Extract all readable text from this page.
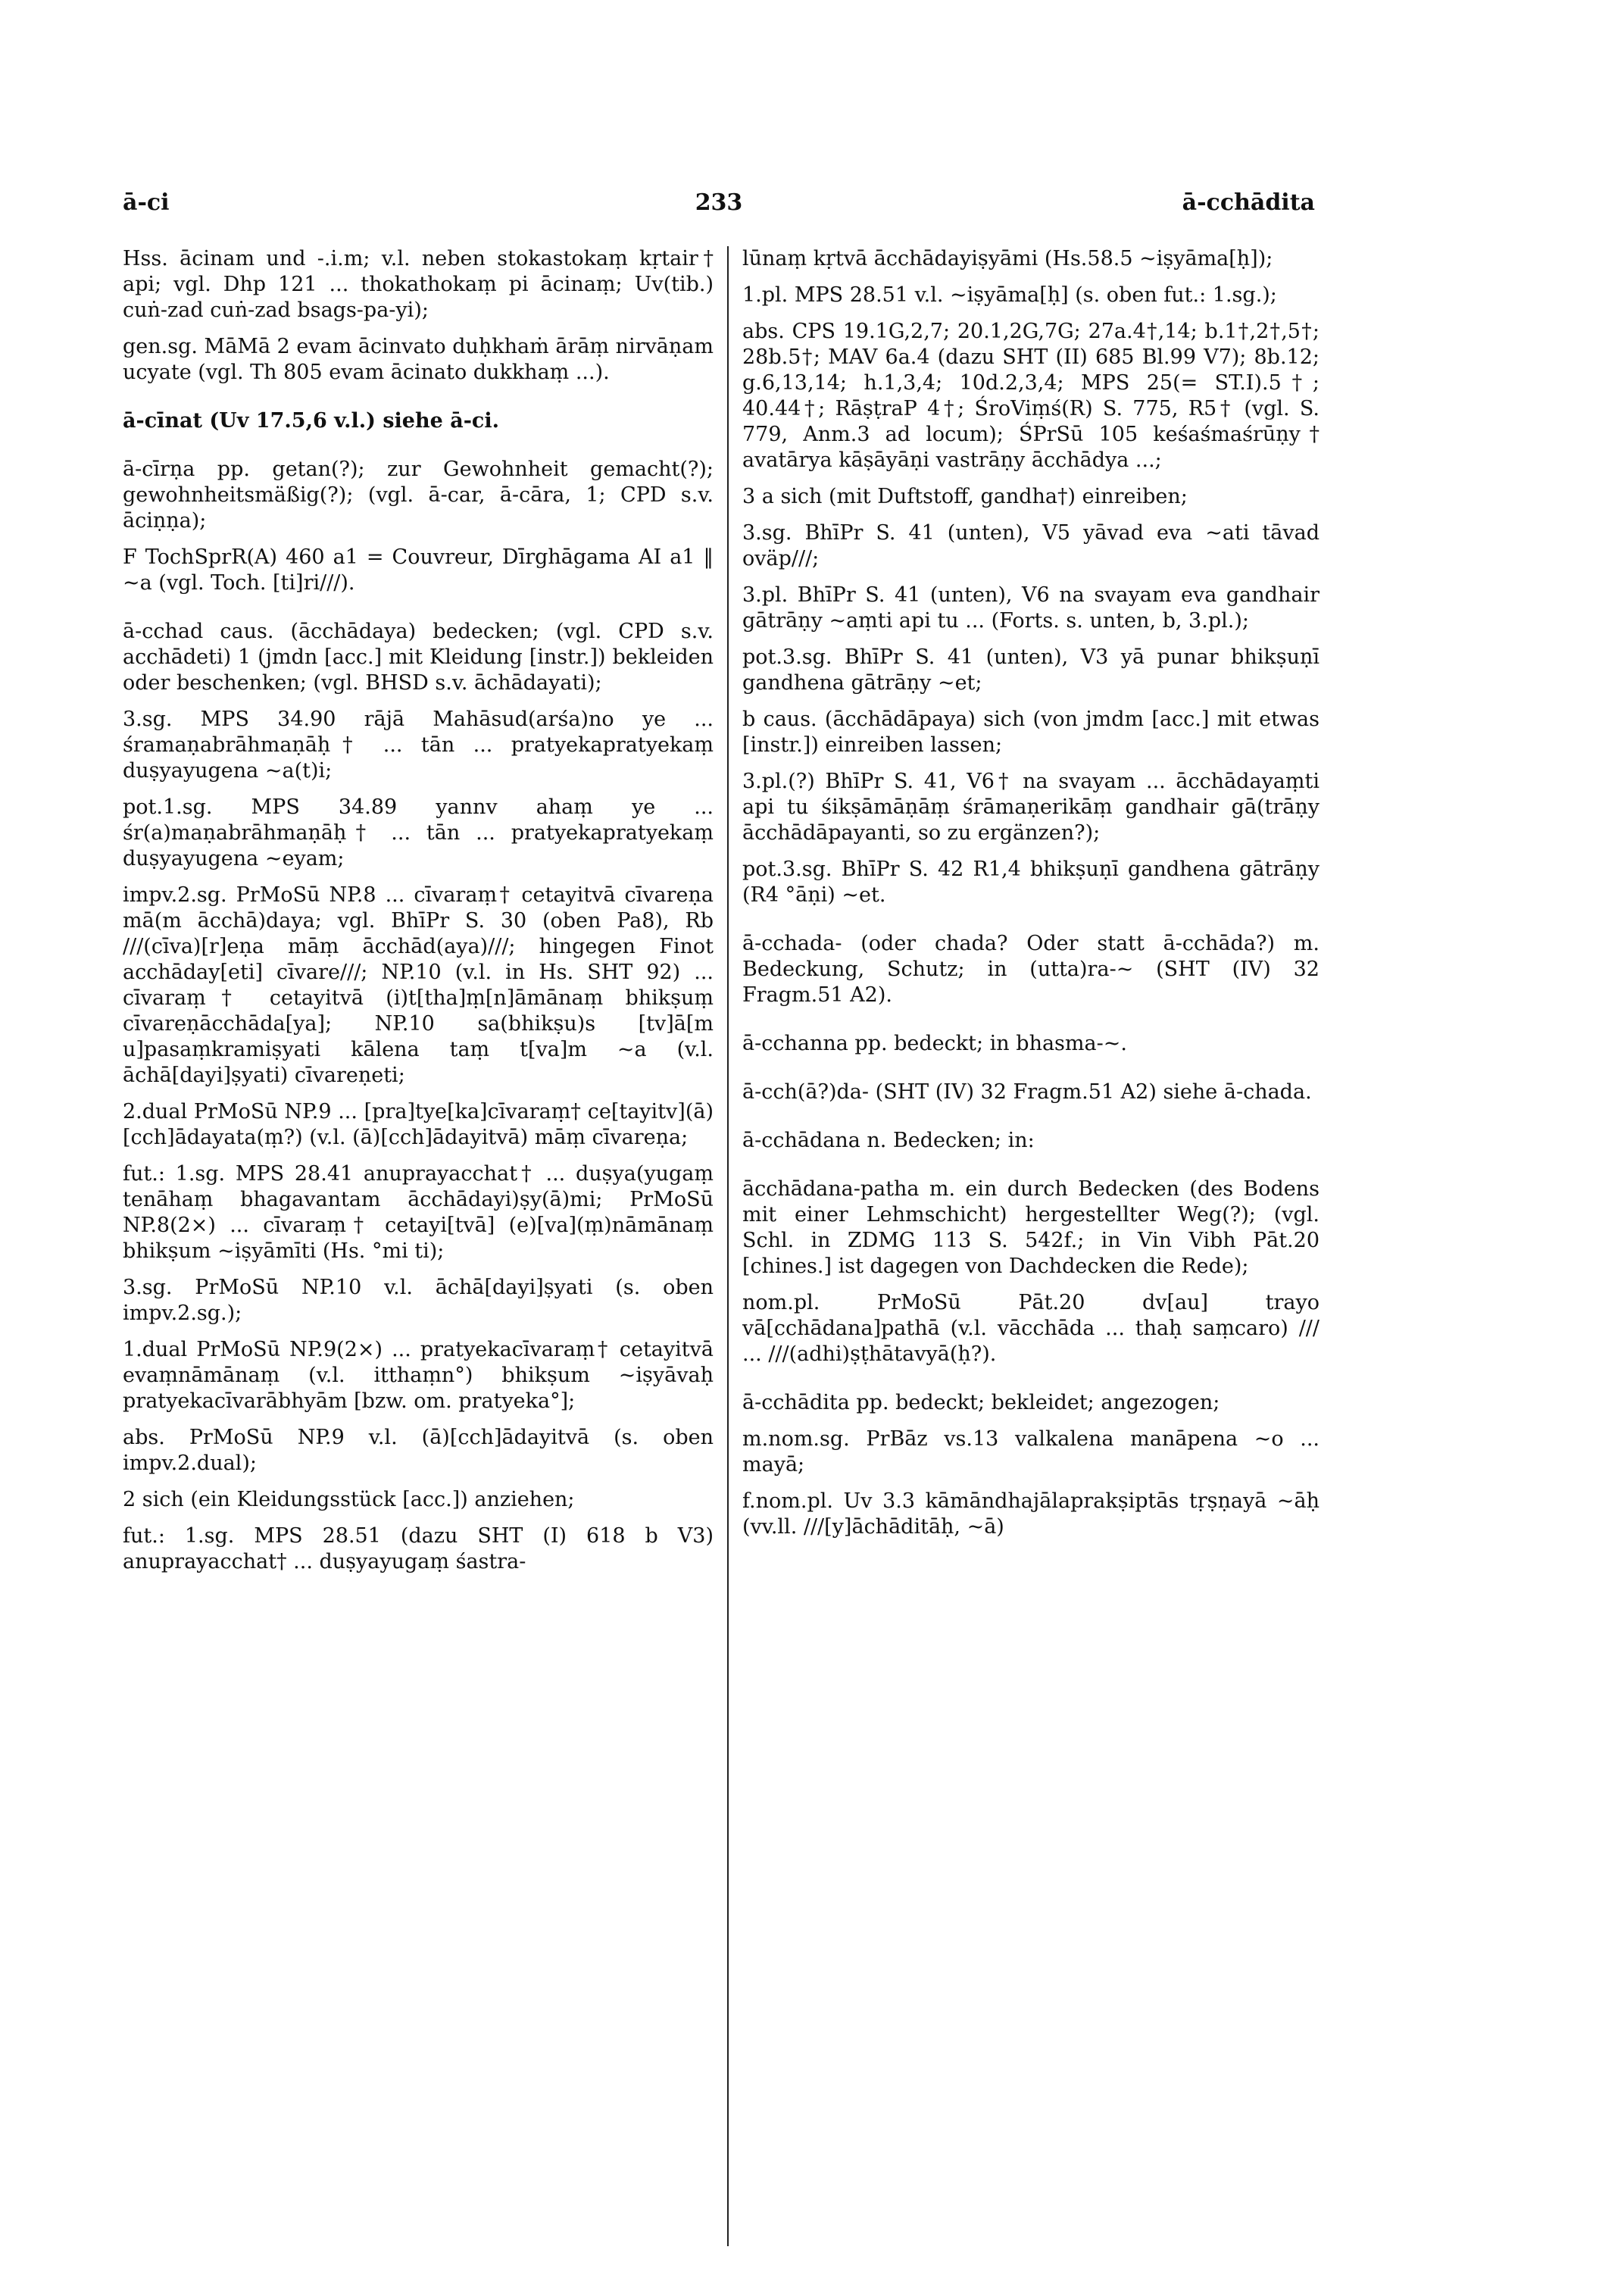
233
ā-ci	ā-cchādita

Hss. ācinam und -.i.m; v.l. neben stokastokaṃ kṛtair† api; vgl. Dhp 121 ... thokathokaṃ pi ācinaṃ; Uv(tib.) cuṅ-zad cuṅ-zad bsags-pa-yi);

gen.sg. MāMā 2 evam ācinvato duḥkhaṁ ārāṃ nirvāṇam ucyate (vgl. Th 805 evam ācinato dukkhaṃ ...).

ā-cīnat (Uv 17.5,6 v.l.) siehe ā-ci.

ā-cīrṇa pp. getan(?); zur Gewohnheit gemacht(?); gewohnheitsmäßig(?); (vgl. ā-car, ā-cāra, 1; CPD s.v. āciṇṇa);

F TochSprR(A) 460 a1 = Couvreur, Dīrghāgama AI a1 ‖ ~a (vgl. Toch. [ti]ri///).

ā-cchad caus. (ācchādaya) bedecken; (vgl. CPD s.v. acchādeti) 1 (jmdn [acc.] mit Kleidung [instr.]) bekleiden oder beschenken; (vgl. BHSD s.v. āchādayati);

3.sg. MPS 34.90 rājā Mahāsud(arśa)no ye ... śramaṇabrāhmaṇāḥ† ... tān ... pratyekapratyekaṃ duṣyayugena ~a(t)i;

pot.1.sg. MPS 34.89 yannv ahaṃ ye ... śr(a)maṇabrāhmaṇāḥ† ... tān ... pratyekapratyekaṃ duṣyayugena ~eyam;

impv.2.sg. PrMoSū NP.8 ... cīvaraṃ† cetayitvā cīvareṇa mā(m ācchā)daya; vgl. BhīPr S. 30 (oben Pa8), Rb ///(cīva)[r]eṇa māṃ ācchād(aya)///; hingegen Finot acchāday[eti] cīvare///; NP.10 (v.l. in Hs. SHT 92) ... cīvaraṃ† cetayitvā (i)t[tha]ṃ[n]āmānaṃ bhikṣuṃ cīvareṇācchāda[ya]; NP.10 sa(bhikṣu)s [tv]ā[m u]pasaṃkramiṣyati kālena taṃ t[va]m ~a (v.l. āchā[dayi]ṣyati) cīvareṇeti;

2.dual PrMoSū NP.9 ... [pra]tye[ka]cīvaraṃ† ce[tayitv](ā)[cch]ādayata(ṃ?) (v.l. (ā)[cch]ādayitvā) māṃ cīvareṇa;

fut.: 1.sg. MPS 28.41 anuprayacchat† ... duṣya(yugaṃ tenāhaṃ bhagavantam ācchādayi)ṣy(ā)mi; PrMoSū NP.8(2×) ... cīvaraṃ† cetayi[tvā] (e)[va](ṃ)nāmānaṃ bhikṣum ~iṣyāmīti (Hs. °mi ti);

3.sg. PrMoSū NP.10 v.l. āchā[dayi]ṣyati (s. oben impv.2.sg.);

1.dual PrMoSū NP.9(2×) ... pratyekacīvaraṃ† cetayitvā evaṃnāmānaṃ (v.l. itthaṃn°) bhikṣum ~iṣyāvaḥ pratyekacīvarābhyām [bzw. om. pratyeka°];

abs. PrMoSū NP.9 v.l. (ā)[cch]ādayitvā (s. oben impv.2.dual);

2 sich (ein Kleidungsstück [acc.]) anziehen;

fut.: 1.sg. MPS 28.51 (dazu SHT (I) 618 b V3) anuprayacchat† ... duṣyayugaṃ śastra-

lūnaṃ kṛtvā ācchādayiṣyāmi (Hs.58.5 ~iṣyāma[ḥ]);

1.pl. MPS 28.51 v.l. ~iṣyāma[ḥ] (s. oben fut.: 1.sg.);

abs. CPS 19.1G,2,7; 20.1,2G,7G; 27a.4†,14; b.1†,2†,5†; 28b.5†; MAV 6a.4 (dazu SHT (II) 685 Bl.99 V7); 8b.12; g.6,13,14; h.1,3,4; 10d.2,3,4; MPS 25(= ST.I).5†; 40.44†; RāṣṭraP 4†; ŚroViṃś(R) S. 775, R5† (vgl. S. 779, Anm.3 ad locum); ŚPrSū 105 keśaśmaśrūṇy† avatārya kāṣāyāṇi vastrāṇy ācchādya ...;

3 a sich (mit Duftstoff, gandha†) einreiben;

3.sg. BhīPr S. 41 (unten), V5 yāvad eva ~ati tāvad oväp///;

3.pl. BhīPr S. 41 (unten), V6 na svayam eva gandhair gātrāṇy ~aṃti api tu ... (Forts. s. unten, b, 3.pl.);

pot.3.sg. BhīPr S. 41 (unten), V3 yā punar bhikṣuṇī gandhena gātrāṇy ~et;

b caus. (ācchādāpaya) sich (von jmdm [acc.] mit etwas [instr.]) einreiben lassen;

3.pl.(?) BhīPr S. 41, V6† na svayam ... ācchādayaṃti api tu śikṣāmāṇāṃ śrāmaṇerikāṃ gandhair gā(trāṇy ācchādāpayanti, so zu ergänzen?);

pot.3.sg. BhīPr S. 42 R1,4 bhikṣuṇī gandhena gātrāṇy (R4 °āṇi) ~et.

ā-cchada- (oder chada? Oder statt ā-cchāda?) m. Bedeckung, Schutz; in (utta)ra-~ (SHT (IV) 32 Fragm.51 A2).

ā-cchanna pp. bedeckt; in bhasma-~.

ā-cch(ā?)da- (SHT (IV) 32 Fragm.51 A2) siehe ā-chada.

ā-cchādana n. Bedecken; in:

ācchādana-patha m. ein durch Bedecken (des Bodens mit einer Lehmschicht) hergestellter Weg(?); (vgl. Schl. in ZDMG 113 S. 542f.; in Vin Vibh Pāt.20 [chines.] ist dagegen von Dachdecken die Rede);

nom.pl. PrMoSū Pāt.20 dv[au] trayo vā[cchādana]pathā (v.l. vācchāda ... thaḥ saṃcaro) /// ... ///(adhi)ṣṭhātavyā(ḥ?).

ā-cchādita pp. bedeckt; bekleidet; angezogen;

m.nom.sg. PrBāz vs.13 valkalena manāpena ~o ... mayā;

f.nom.pl. Uv 3.3 kāmāndhajālaprakṣiptās tṛṣṇayā ~āḥ (vv.ll. ///[y]āchāditāḥ, ~ā)
